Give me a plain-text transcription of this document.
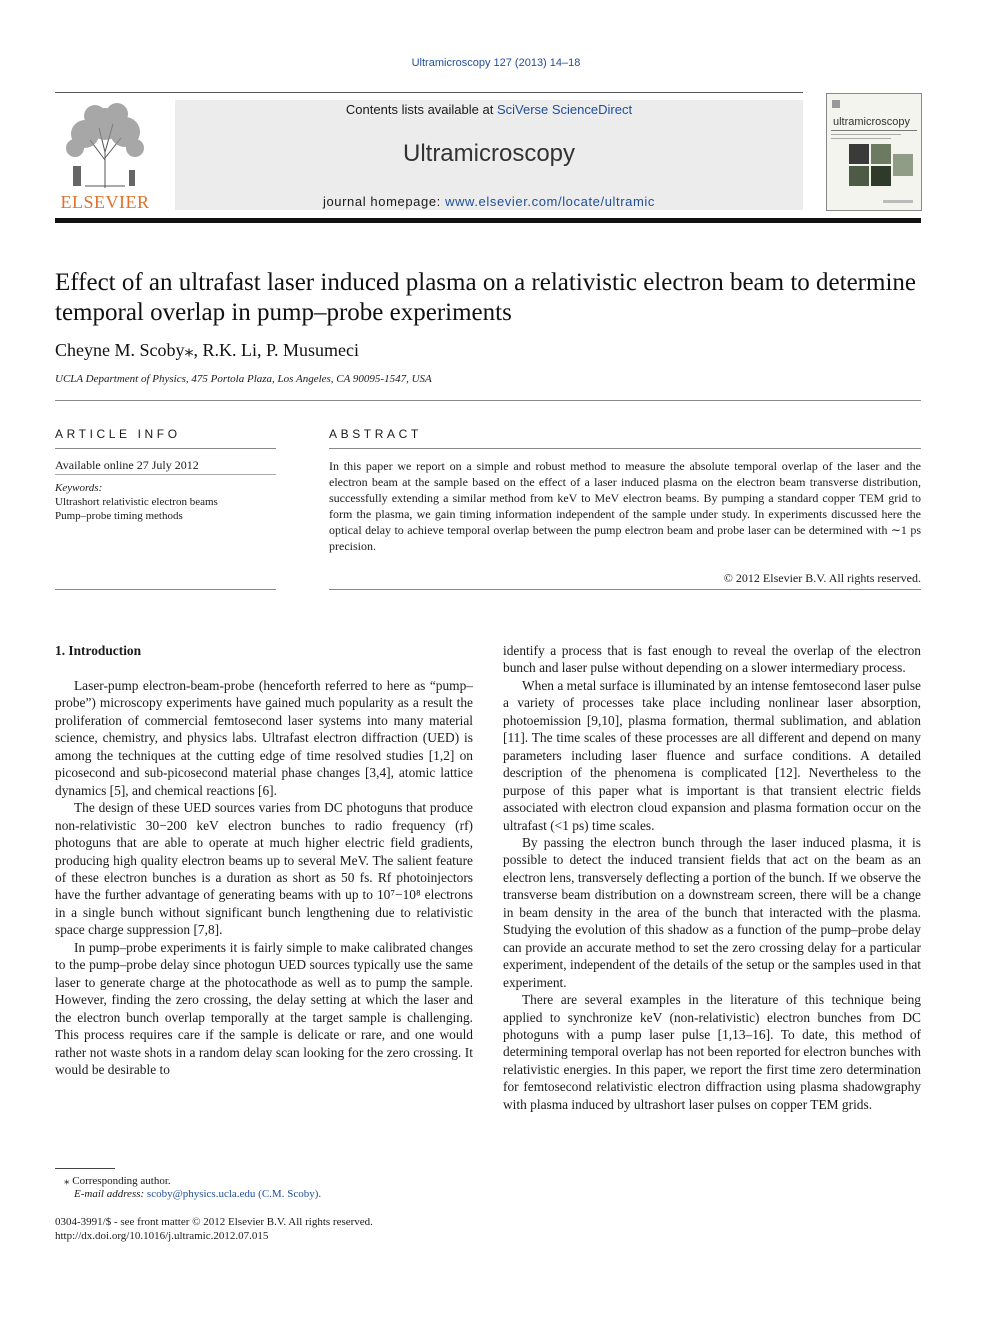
Ultramicroscopy 127 (2013) 14–18
ELSEVIER
Contents lists available at SciVerse ScienceDirect
Ultramicroscopy
journal homepage: www.elsevier.com/locate/ultramic
ultramicroscopy
Effect of an ultrafast laser induced plasma on a relativistic electron beam to determine temporal overlap in pump–probe experiments
Cheyne M. Scoby⁎, R.K. Li, P. Musumeci
UCLA Department of Physics, 475 Portola Plaza, Los Angeles, CA 90095-1547, USA
ARTICLE INFO	ABSTRACT
Available online 27 July 2012
Keywords:
Ultrashort relativistic electron beams
Pump–probe timing methods
In this paper we report on a simple and robust method to measure the absolute temporal overlap of the laser and the electron beam at the sample based on the effect of a laser induced plasma on the electron beam transverse distribution, successfully extending a similar method from keV to MeV electron beams. By pumping a standard copper TEM grid to form the plasma, we gain timing information independent of the sample under study. In experiments discussed here the optical delay to achieve temporal overlap between the pump electron beam and probe laser can be determined with ∼1 ps precision.
© 2012 Elsevier B.V. All rights reserved.
1. Introduction

Laser-pump electron-beam-probe (henceforth referred to here as “pump–probe”) microscopy experiments have gained much popularity as a result the proliferation of commercial femtosecond laser systems into many material science, chemistry, and physics labs. Ultrafast electron diffraction (UED) is among the techniques at the cutting edge of time resolved studies [1,2] on picosecond and sub-picosecond material phase changes [3,4], atomic lattice dynamics [5], and chemical reactions [6].

The design of these UED sources varies from DC photoguns that produce non-relativistic 30−200 keV electron bunches to radio frequency (rf) photoguns that are able to operate at much higher electric field gradients, producing high quality electron beams up to several MeV. The salient feature of these electron bunches is a duration as short as 50 fs. Rf photoinjectors have the further advantage of generating beams with up to 10⁷−10⁸ electrons in a single bunch without significant bunch lengthening due to relativistic space charge suppression [7,8].

In pump–probe experiments it is fairly simple to make calibrated changes to the pump–probe delay since photogun UED sources typically use the same laser to generate charge at the photocathode as well as to pump the sample. However, finding the zero crossing, the delay setting at which the laser and the electron bunch overlap temporally at the target sample is challenging. This process requires care if the sample is delicate or rare, and one would rather not waste shots in a random delay scan looking for the zero crossing. It would be desirable to

identify a process that is fast enough to reveal the overlap of the electron bunch and laser pulse without depending on a slower intermediary process.

When a metal surface is illuminated by an intense femtosecond laser pulse a variety of processes take place including nonlinear laser absorption, photoemission [9,10], plasma formation, thermal sublimation, and ablation [11]. The time scales of these processes are all different and depend on many parameters including laser fluence and surface conditions. A detailed description of the phenomena is complicated [12]. Nevertheless to the purpose of this paper what is important is that transient electric fields associated with electron cloud expansion and plasma formation occur on the ultrafast (<1 ps) time scales.

By passing the electron bunch through the laser induced plasma, it is possible to detect the induced transient fields that act on the beam as an electron lens, transversely deflecting a portion of the bunch. If we observe the transverse beam distribution on a downstream screen, there will be a change in beam density in the area of the bunch that interacted with the plasma. Studying the evolution of this shadow as a function of the pump–probe delay can provide an accurate method to set the zero crossing delay for a particular experiment, independent of the details of the setup or the samples used in that experiment.

There are several examples in the literature of this technique being applied to synchronize keV (non-relativistic) electron bunches from DC photoguns with a pump laser pulse [1,13–16]. To date, this method of determining temporal overlap has not been reported for electron bunches with relativistic energies. In this paper, we report the first time zero determination for femtosecond relativistic electron diffraction using plasma shadowgraphy with plasma induced by ultrashort laser pulses on copper TEM grids.

⁎ Corresponding author.
E-mail address: scoby@physics.ucla.edu (C.M. Scoby).
0304-3991/$ - see front matter © 2012 Elsevier B.V. All rights reserved.
http://dx.doi.org/10.1016/j.ultramic.2012.07.015
